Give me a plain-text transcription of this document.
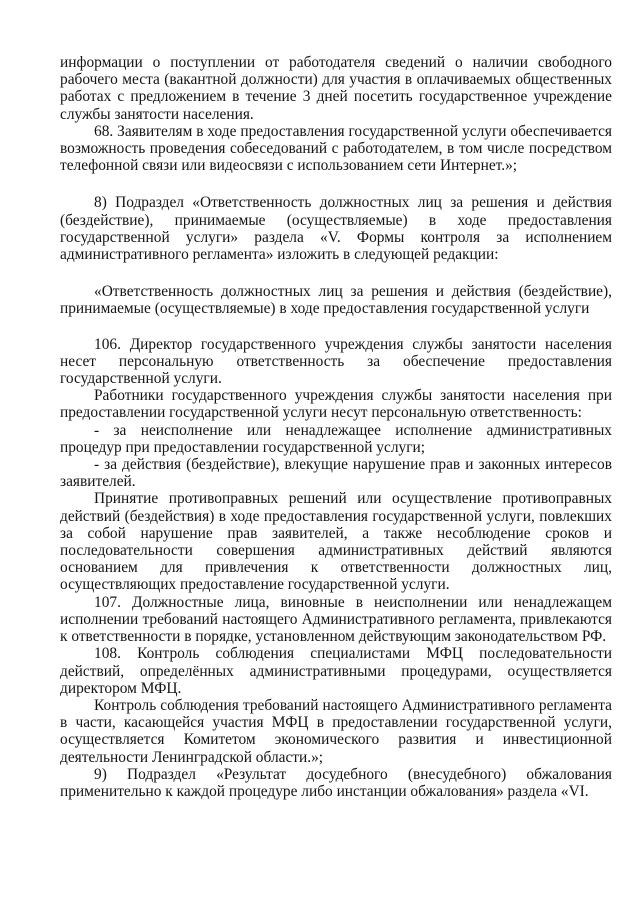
информации о поступлении от работодателя сведений о наличии свободного рабочего места (вакантной должности) для участия в оплачиваемых общественных работах с предложением в течение 3 дней посетить государственное учреждение службы занятости населения.

68. Заявителям в ходе предоставления государственной услуги обеспечивается возможность проведения собеседований с работодателем, в том числе посредством телефонной связи или видеосвязи с использованием сети Интернет.»;

8) Подраздел «Ответственность должностных лиц за решения и действия (бездействие), принимаемые (осуществляемые) в ходе предоставления государственной услуги» раздела «V. Формы контроля за исполнением административного регламента» изложить в следующей редакции:

«Ответственность должностных лиц за решения и действия (бездействие), принимаемые (осуществляемые) в ходе предоставления государственной услуги

106. Директор государственного учреждения службы занятости населения несет персональную ответственность за обеспечение предоставления государственной услуги.

Работники государственного учреждения службы занятости населения при предоставлении государственной услуги несут персональную ответственность:

- за неисполнение или ненадлежащее исполнение административных процедур при предоставлении государственной услуги;

- за действия (бездействие), влекущие нарушение прав и законных интересов заявителей.

Принятие противоправных решений или осуществление противоправных действий (бездействия) в ходе предоставления государственной услуги, повлекших за собой нарушение прав заявителей, а также несоблюдение сроков и последовательности совершения административных действий являются основанием для привлечения к ответственности должностных лиц, осуществляющих предоставление государственной услуги.

107. Должностные лица, виновные в неисполнении или ненадлежащем исполнении требований настоящего Административного регламента, привлекаются к ответственности в порядке, установленном действующим законодательством РФ.

108. Контроль соблюдения специалистами МФЦ последовательности действий, определённых административными процедурами, осуществляется директором МФЦ.

Контроль соблюдения требований настоящего Административного регламента в части, касающейся участия МФЦ в предоставлении государственной услуги, осуществляется Комитетом экономического развития и инвестиционной деятельности Ленинградской области.»;

9) Подраздел «Результат досудебного (внесудебного) обжалования применительно к каждой процедуре либо инстанции обжалования» раздела «VI.
